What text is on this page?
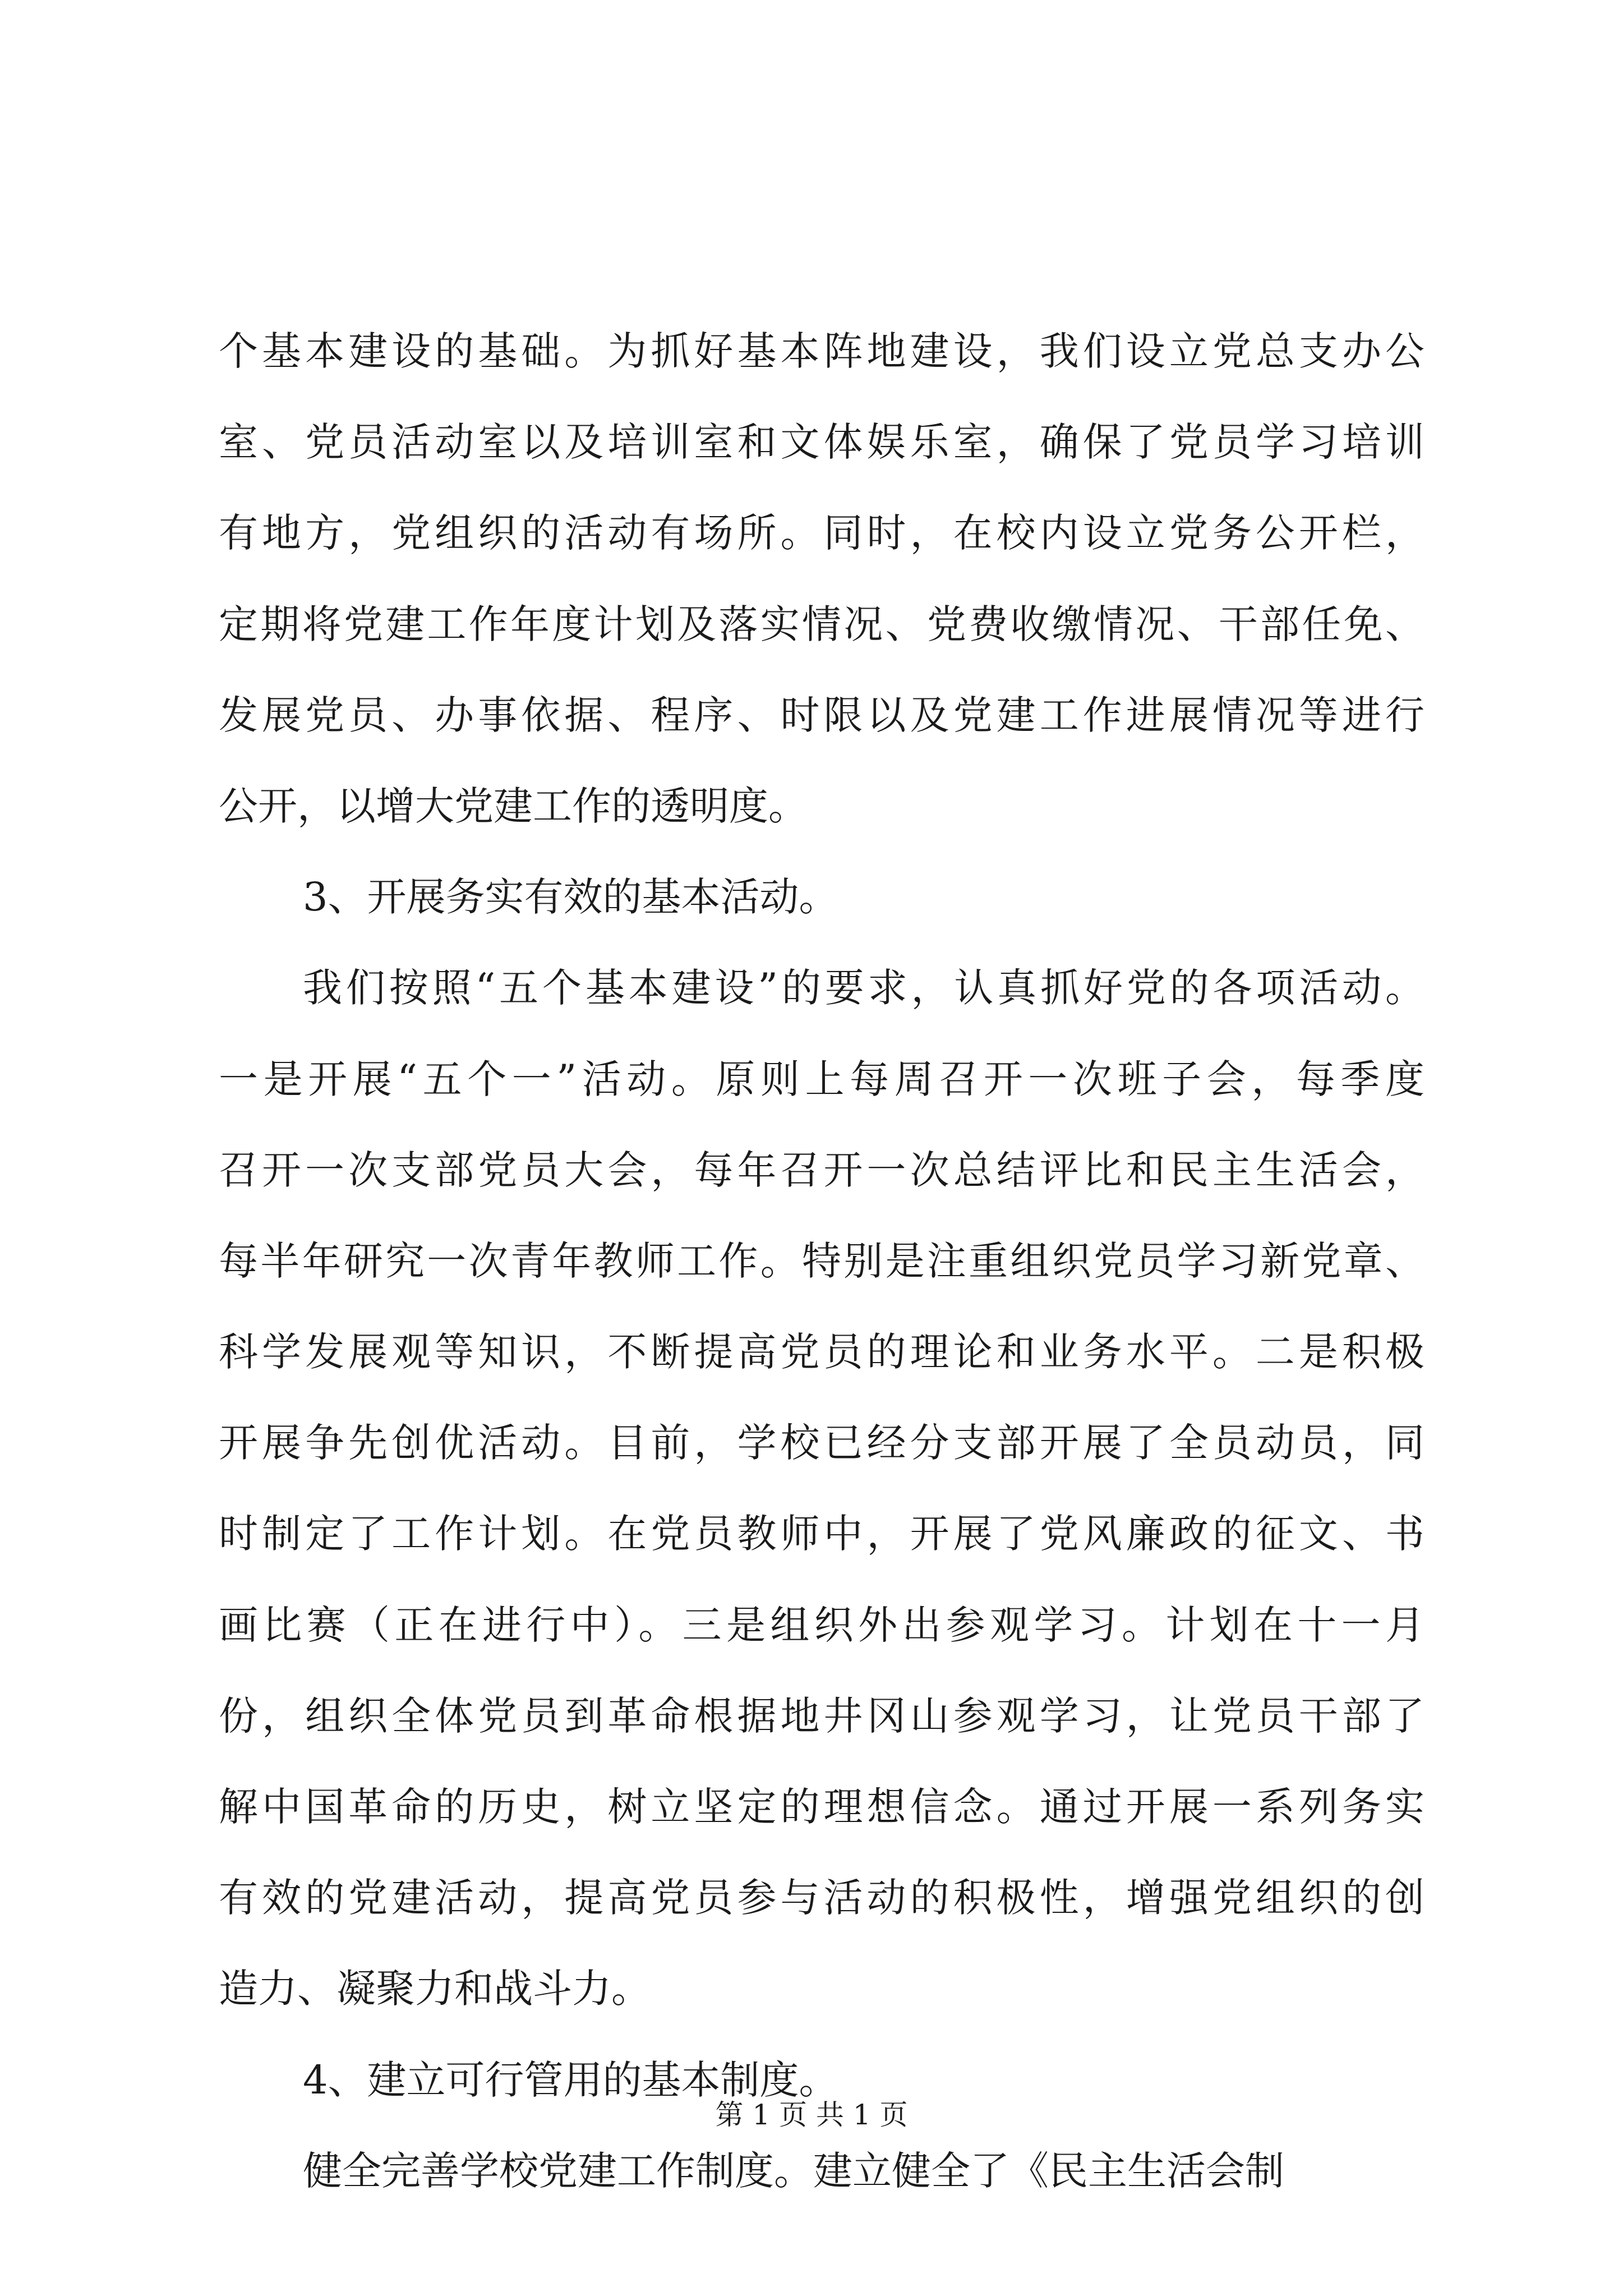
个基本建设的基础。为抓好基本阵地建设，我们设立党总支办公
室、党员活动室以及培训室和文体娱乐室，确保了党员学习培训
有地方，党组织的活动有场所。同时，在校内设立党务公开栏，
定期将党建工作年度计划及落实情况、党费收缴情况、干部任免、
发展党员、办事依据、程序、时限以及党建工作进展情况等进行
公开，以增大党建工作的透明度。
3、开展务实有效的基本活动。
我们按照“五个基本建设”的要求，认真抓好党的各项活动。
一是开展“五个一”活动。原则上每周召开一次班子会，每季度
召开一次支部党员大会，每年召开一次总结评比和民主生活会，
每半年研究一次青年教师工作。特别是注重组织党员学习新党章、
科学发展观等知识，不断提高党员的理论和业务水平。二是积极
开展争先创优活动。目前，学校已经分支部开展了全员动员，同
时制定了工作计划。在党员教师中，开展了党风廉政的征文、书
画比赛（正在进行中）。三是组织外出参观学习。计划在十一月
份，组织全体党员到革命根据地井冈山参观学习，让党员干部了
解中国革命的历史，树立坚定的理想信念。通过开展一系列务实
有效的党建活动，提高党员参与活动的积极性，增强党组织的创
造力、凝聚力和战斗力。
4、建立可行管用的基本制度。
健全完善学校党建工作制度。建立健全了《民主生活会制
第 1 页 共 1 页
